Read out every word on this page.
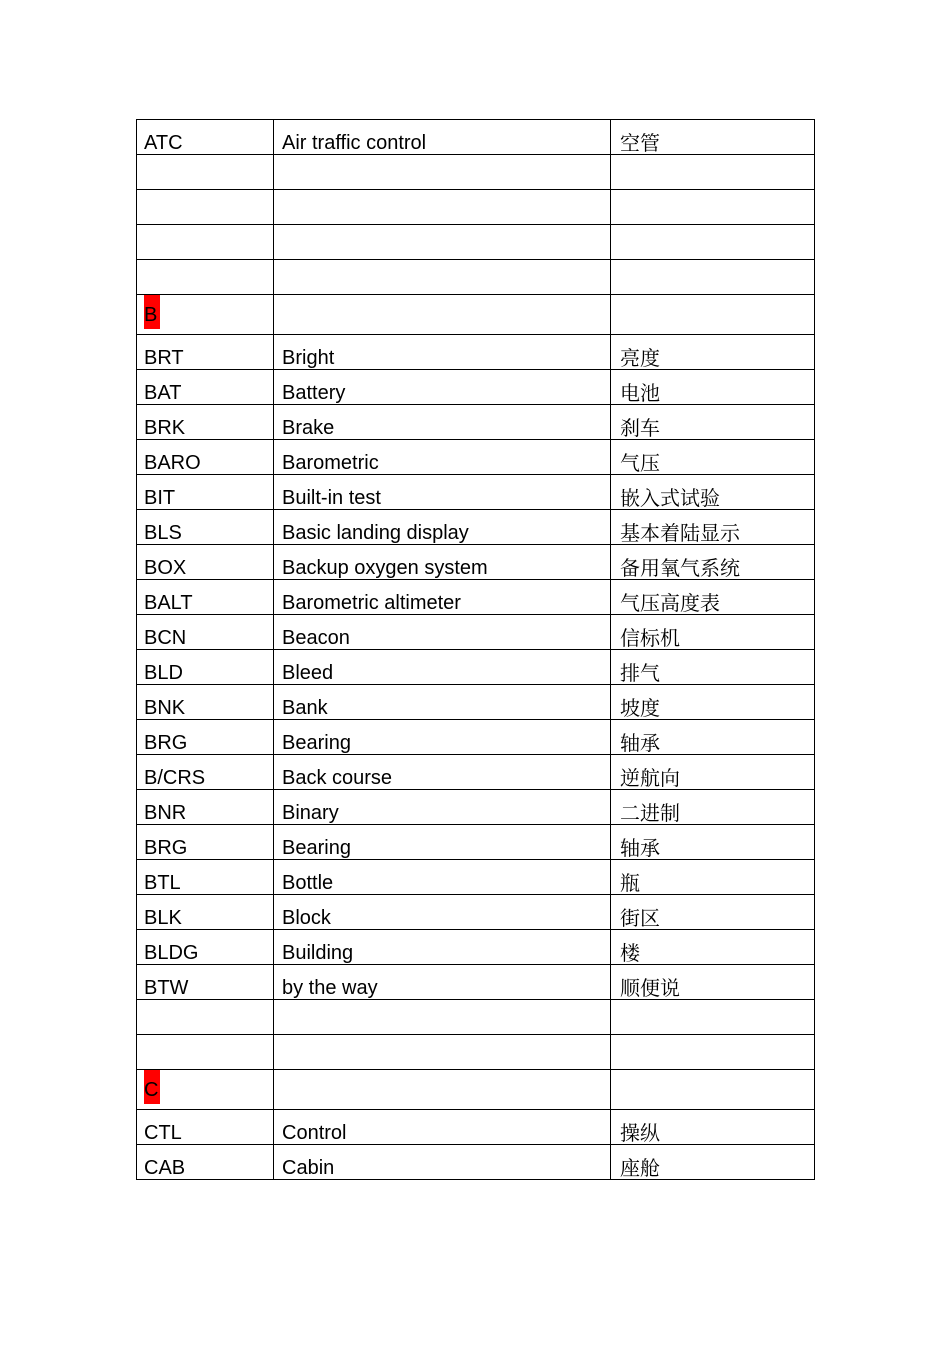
ATC	Air traffic control	空管

B		
BRT	Bright	亮度
BAT	Battery	电池
BRK	Brake	刹车
BARO	Barometric	气压
BIT	Built-in test	嵌入式试验
BLS	Basic landing display	基本着陆显示
BOX	Backup oxygen system	备用氧气系统
BALT	Barometric altimeter	气压高度表
BCN	Beacon	信标机
BLD	Bleed	排气
BNK	Bank	坡度
BRG	Bearing	轴承
B/CRS	Back course	逆航向
BNR	Binary	二进制
BRG	Bearing	轴承
BTL	Bottle	瓶
BLK	Block	街区
BLDG	Building	楼
BTW	by the way	顺便说

C		
CTL	Control	操纵
CAB	Cabin	座舱
